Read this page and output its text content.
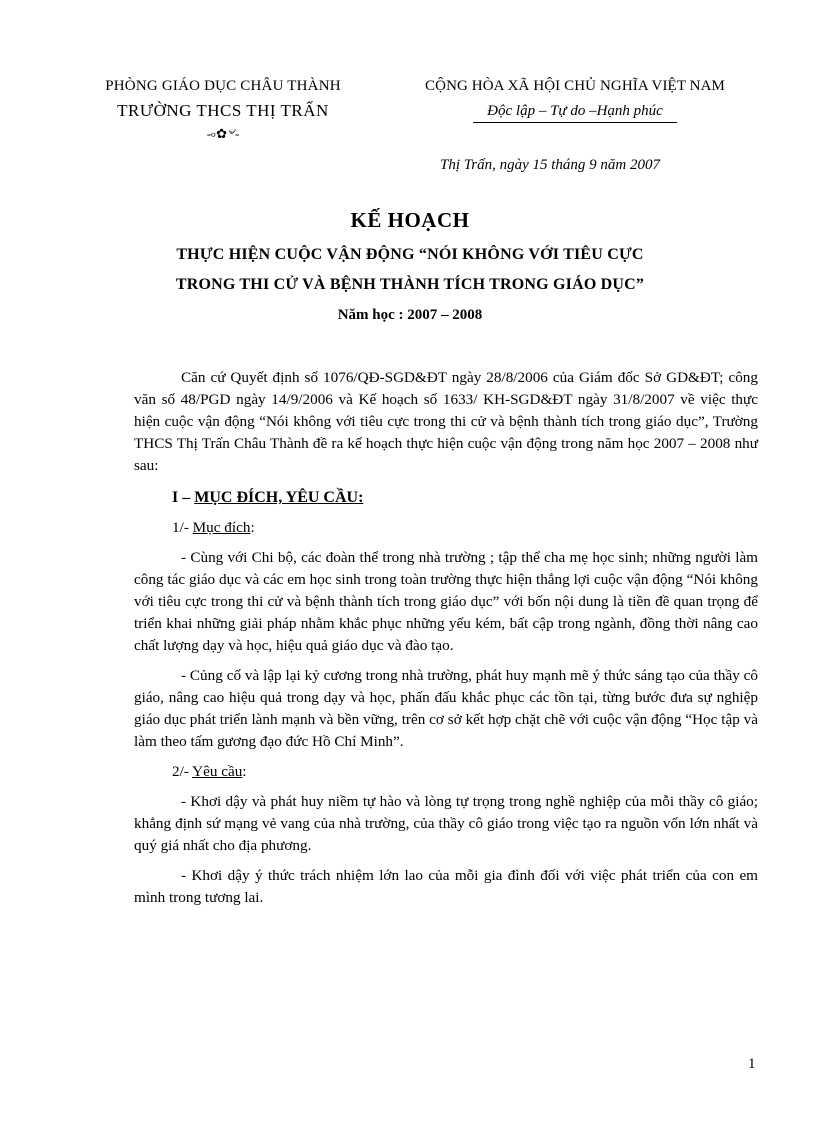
PHÒNG GIÁO DỤC CHÂU THÀNH
TRƯỜNG THCS THỊ TRẤN
-৹✿৺-
CỘNG HÒA XÃ HỘI CHỦ NGHĨA VIỆT NAM
Độc lập – Tự do –Hạnh phúc
Thị Trấn, ngày 15 tháng 9 năm 2007
KẾ HOẠCH
THỰC HIỆN CUỘC VẬN ĐỘNG “NÓI KHÔNG VỚI TIÊU CỰC
TRONG THI CỬ VÀ BỆNH THÀNH TÍCH TRONG GIÁO DỤC”
Năm học : 2007 – 2008

Căn cứ Quyết định số 1076/QĐ-SGD&ĐT ngày 28/8/2006 của Giám đốc Sở GD&ĐT; công văn số 48/PGD ngày 14/9/2006 và Kế hoạch số 1633/ KH-SGD&ĐT ngày 31/8/2007 về việc thực hiện cuộc vận động “Nói không với tiêu cực trong thi cử và bệnh thành tích trong giáo dục”, Trường THCS Thị Trấn Châu Thành đề ra kế hoạch thực hiện cuộc vận động trong năm học 2007 – 2008 như sau:

I – MỤC ĐÍCH, YÊU CẦU:

1/- Mục đích:

- Cùng với Chi bộ, các đoàn thể trong nhà trường ; tập thể cha mẹ học sinh; những người làm công tác giáo dục và các em học sinh trong toàn trường thực hiện thắng lợi cuộc vận động “Nói không với tiêu cực trong thi cử và bệnh thành tích trong giáo dục” với bốn nội dung là tiền đề quan trọng để triển khai những giải pháp nhằm khắc phục những yếu kém, bất cập trong ngành, đồng thời nâng cao chất lượng dạy và học, hiệu quả giáo dục và đào tạo.

- Củng cố và lập lại kỷ cương trong nhà trường, phát huy mạnh mẽ ý thức sáng tạo của thầy cô giáo, nâng cao hiệu quả trong dạy và học, phấn đấu khắc phục các tồn tại, từng bước đưa sự nghiệp giáo dục phát triển lành mạnh và bền vững, trên cơ sở kết hợp chặt chẽ với cuộc vận động “Học tập và làm theo tấm gương đạo đức Hồ Chí Minh”.

2/- Yêu cầu:

- Khơi dậy và phát huy niềm tự hào và lòng tự trọng trong nghề nghiệp của mỗi thầy cô giáo; khẳng định sứ mạng vẻ vang của nhà trường, của thầy cô giáo trong việc tạo ra nguồn vốn lớn nhất và quý giá nhất cho địa phương.

- Khơi dậy ý thức trách nhiệm lớn lao của mỗi gia đình đối với việc phát triển của con em mình trong tương lai.

1
